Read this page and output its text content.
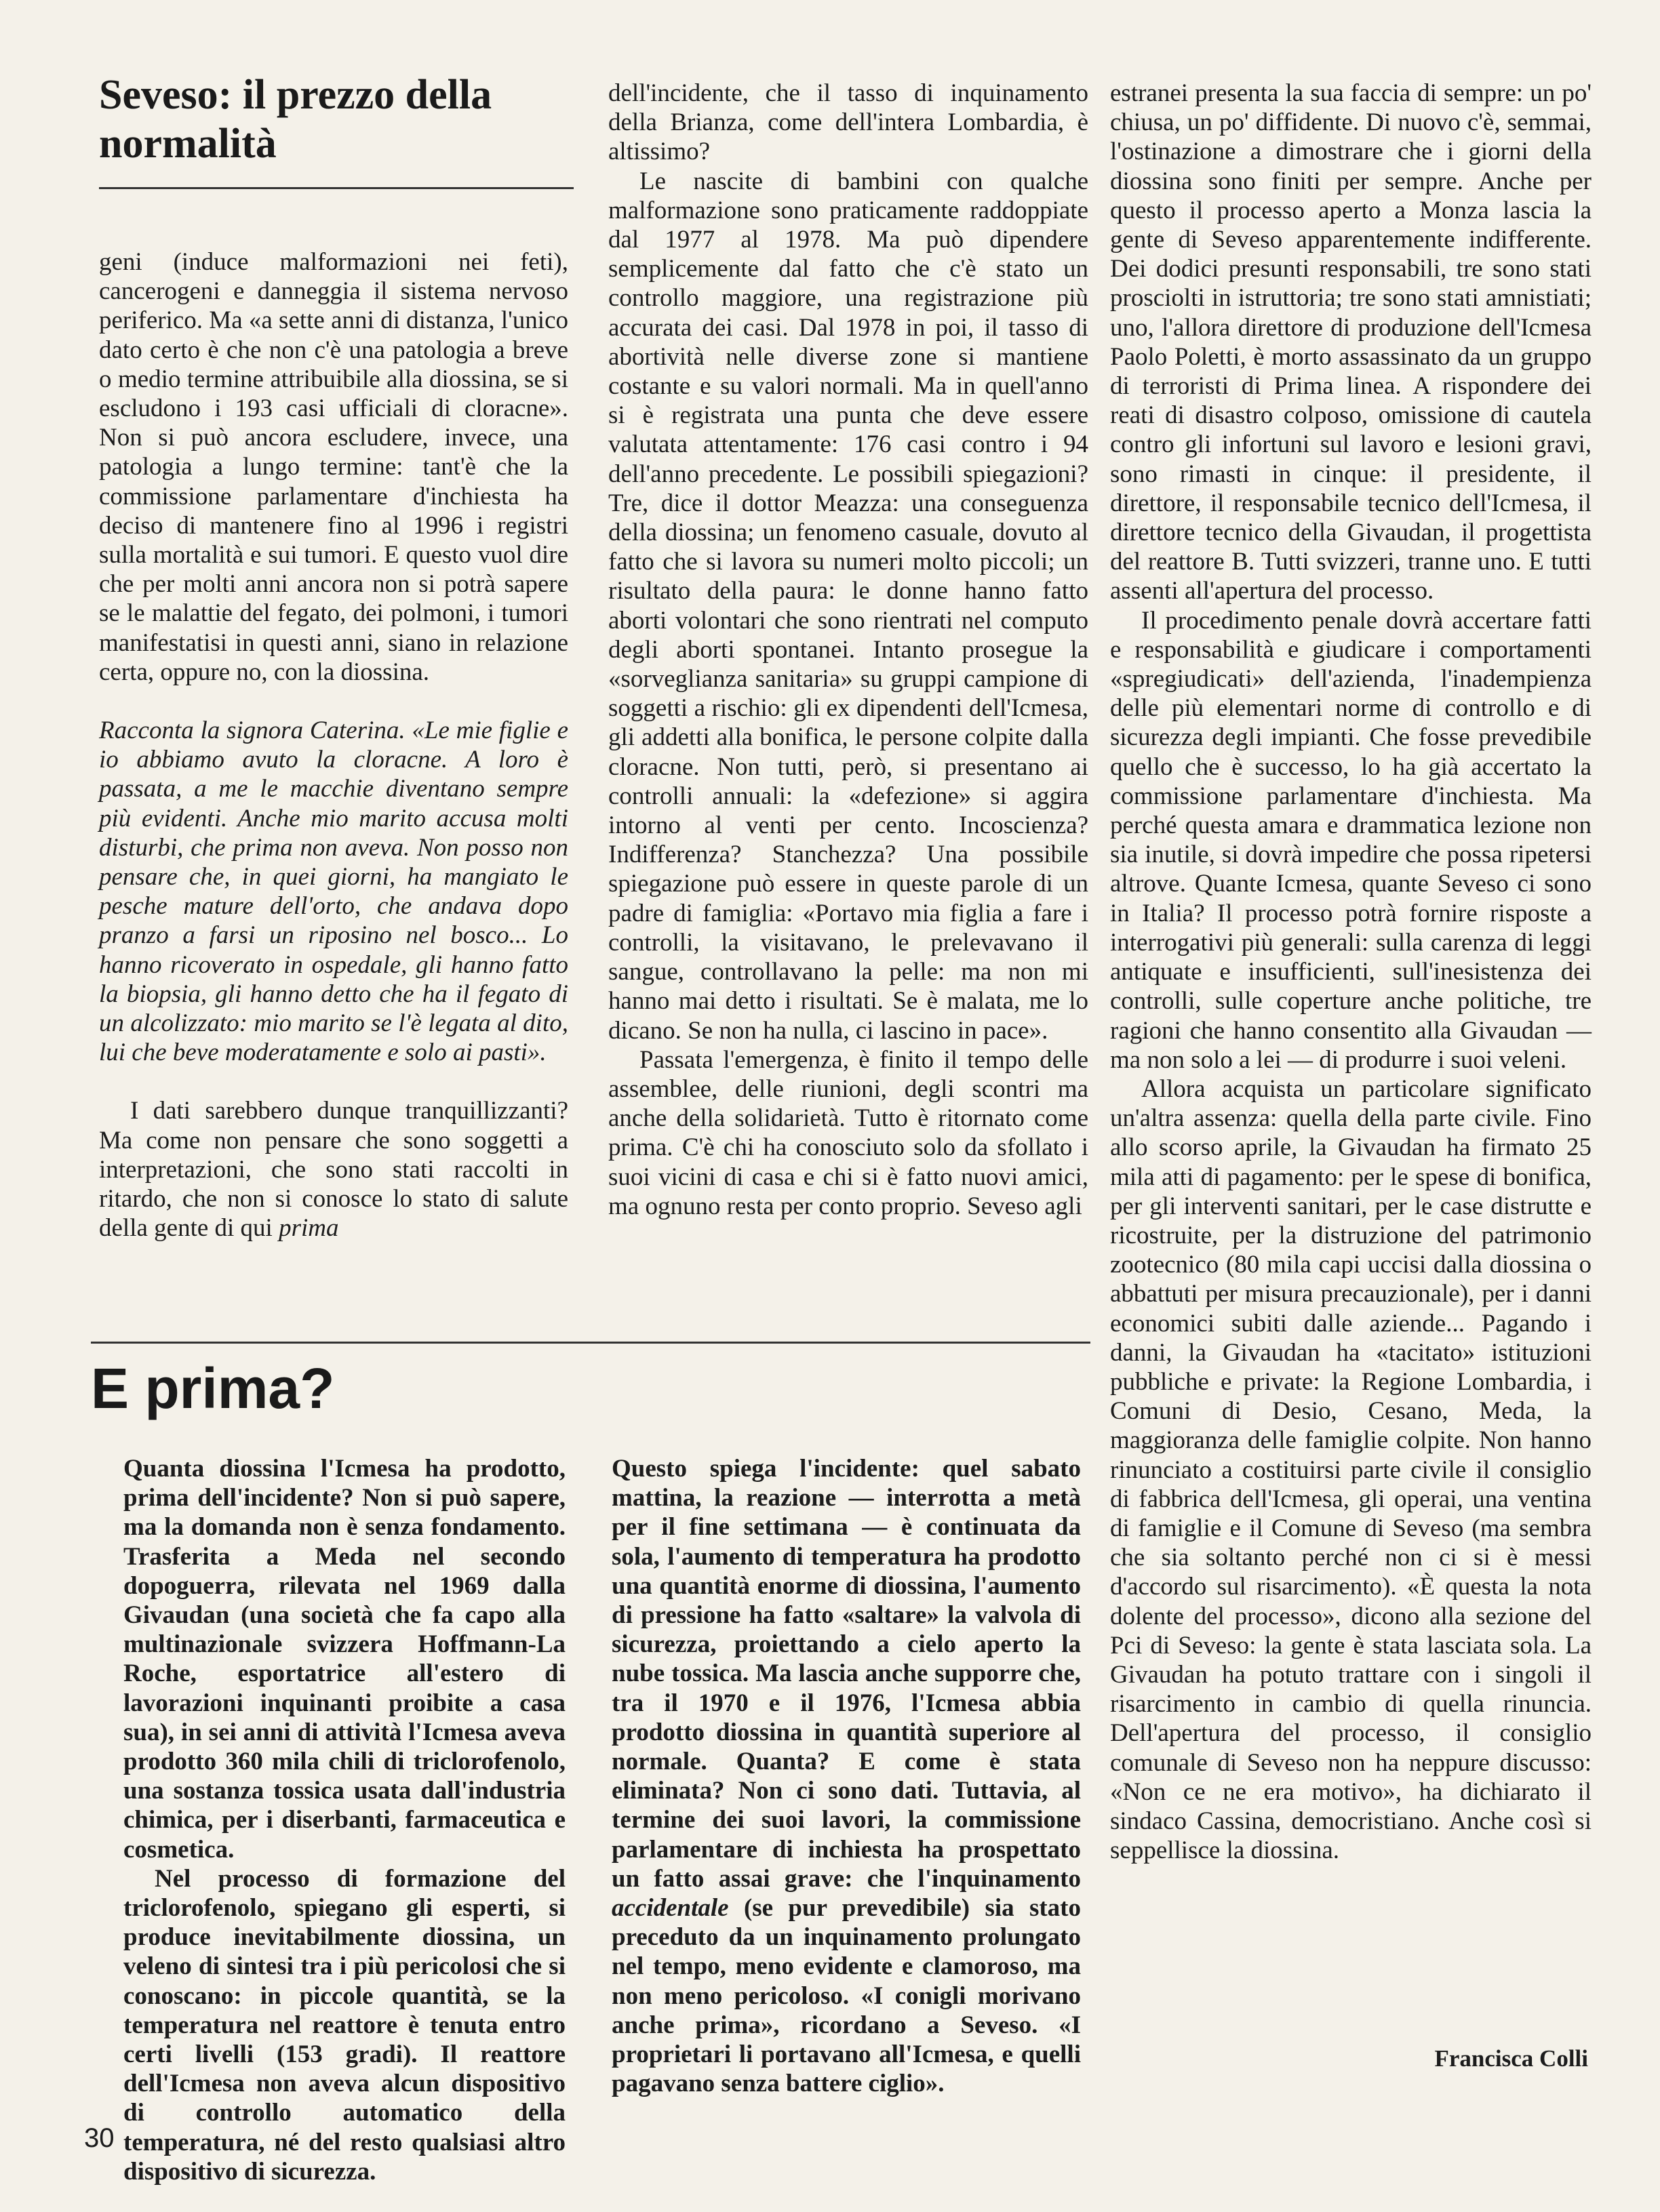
Seveso: il prezzo della normalità

geni (induce malformazioni nei feti), cancerogeni e danneggia il sistema nervoso periferico. Ma «a sette anni di distanza, l'unico dato certo è che non c'è una patologia a breve o medio termine attribuibile alla diossina, se si escludono i 193 casi ufficiali di cloracne». Non si può ancora escludere, invece, una patologia a lungo termine: tant'è che la commissione parlamentare d'inchiesta ha deciso di mantenere fino al 1996 i registri sulla mortalità e sui tumori. E questo vuol dire che per molti anni ancora non si potrà sapere se le malattie del fegato, dei polmoni, i tumori manifestatisi in questi anni, siano in relazione certa, oppure no, con la diossina.

Racconta la signora Caterina. «Le mie figlie e io abbiamo avuto la cloracne. A loro è passata, a me le macchie diventano sempre più evidenti. Anche mio marito accusa molti disturbi, che prima non aveva. Non posso non pensare che, in quei giorni, ha mangiato le pesche mature dell'orto, che andava dopo pranzo a farsi un riposino nel bosco... Lo hanno ricoverato in ospedale, gli hanno fatto la biopsia, gli hanno detto che ha il fegato di un alcolizzato: mio marito se l'è legata al dito, lui che beve moderatamente e solo ai pasti».

I dati sarebbero dunque tranquillizzanti? Ma come non pensare che sono soggetti a interpretazioni, che sono stati raccolti in ritardo, che non si conosce lo stato di salute della gente di qui prima

dell'incidente, che il tasso di inquinamento della Brianza, come dell'intera Lombardia, è altissimo?

Le nascite di bambini con qualche malformazione sono praticamente raddoppiate dal 1977 al 1978. Ma può dipendere semplicemente dal fatto che c'è stato un controllo maggiore, una registrazione più accurata dei casi. Dal 1978 in poi, il tasso di abortività nelle diverse zone si mantiene costante e su valori normali. Ma in quell'anno si è registrata una punta che deve essere valutata attentamente: 176 casi contro i 94 dell'anno precedente. Le possibili spiegazioni? Tre, dice il dottor Meazza: una conseguenza della diossina; un fenomeno casuale, dovuto al fatto che si lavora su numeri molto piccoli; un risultato della paura: le donne hanno fatto aborti volontari che sono rientrati nel computo degli aborti spontanei. Intanto prosegue la «sorveglianza sanitaria» su gruppi campione di soggetti a rischio: gli ex dipendenti dell'Icmesa, gli addetti alla bonifica, le persone colpite dalla cloracne. Non tutti, però, si presentano ai controlli annuali: la «defezione» si aggira intorno al venti per cento. Incoscienza? Indifferenza? Stanchezza? Una possibile spiegazione può essere in queste parole di un padre di famiglia: «Portavo mia figlia a fare i controlli, la visitavano, le prelevavano il sangue, controllavano la pelle: ma non mi hanno mai detto i risultati. Se è malata, me lo dicano. Se non ha nulla, ci lascino in pace».

Passata l'emergenza, è finito il tempo delle assemblee, delle riunioni, degli scontri ma anche della solidarietà. Tutto è ritornato come prima. C'è chi ha conosciuto solo da sfollato i suoi vicini di casa e chi si è fatto nuovi amici, ma ognuno resta per conto proprio. Seveso agli

estranei presenta la sua faccia di sempre: un po' chiusa, un po' diffidente. Di nuovo c'è, semmai, l'ostinazione a dimostrare che i giorni della diossina sono finiti per sempre. Anche per questo il processo aperto a Monza lascia la gente di Seveso apparentemente indifferente. Dei dodici presunti responsabili, tre sono stati prosciolti in istruttoria; tre sono stati amnistiati; uno, l'allora direttore di produzione dell'Icmesa Paolo Poletti, è morto assassinato da un gruppo di terroristi di Prima linea. A rispondere dei reati di disastro colposo, omissione di cautela contro gli infortuni sul lavoro e lesioni gravi, sono rimasti in cinque: il presidente, il direttore, il responsabile tecnico dell'Icmesa, il direttore tecnico della Givaudan, il progettista del reattore B. Tutti svizzeri, tranne uno. E tutti assenti all'apertura del processo.

Il procedimento penale dovrà accertare fatti e responsabilità e giudicare i comportamenti «spregiudicati» dell'azienda, l'inadempienza delle più elementari norme di controllo e di sicurezza degli impianti. Che fosse prevedibile quello che è successo, lo ha già accertato la commissione parlamentare d'inchiesta. Ma perché questa amara e drammatica lezione non sia inutile, si dovrà impedire che possa ripetersi altrove. Quante Icmesa, quante Seveso ci sono in Italia? Il processo potrà fornire risposte a interrogativi più generali: sulla carenza di leggi antiquate e insufficienti, sull'inesistenza dei controlli, sulle coperture anche politiche, tre ragioni che hanno consentito alla Givaudan — ma non solo a lei — di produrre i suoi veleni.

Allora acquista un particolare significato un'altra assenza: quella della parte civile. Fino allo scorso aprile, la Givaudan ha firmato 25 mila atti di pagamento: per le spese di bonifica, per gli interventi sanitari, per le case distrutte e ricostruite, per la distruzione del patrimonio zootecnico (80 mila capi uccisi dalla diossina o abbattuti per misura precauzionale), per i danni economici subiti dalle aziende... Pagando i danni, la Givaudan ha «tacitato» istituzioni pubbliche e private: la Regione Lombardia, i Comuni di Desio, Cesano, Meda, la maggioranza delle famiglie colpite. Non hanno rinunciato a costituirsi parte civile il consiglio di fabbrica dell'Icmesa, gli operai, una ventina di famiglie e il Comune di Seveso (ma sembra che sia soltanto perché non ci si è messi d'accordo sul risarcimento). «È questa la nota dolente del processo», dicono alla sezione del Pci di Seveso: la gente è stata lasciata sola. La Givaudan ha potuto trattare con i singoli il risarcimento in cambio di quella rinuncia. Dell'apertura del processo, il consiglio comunale di Seveso non ha neppure discusso: «Non ce ne era motivo», ha dichiarato il sindaco Cassina, democristiano. Anche così si seppellisce la diossina.

E prima?

Quanta diossina l'Icmesa ha prodotto, prima dell'incidente? Non si può sapere, ma la domanda non è senza fondamento. Trasferita a Meda nel secondo dopoguerra, rilevata nel 1969 dalla Givaudan (una società che fa capo alla multinazionale svizzera Hoffmann-La Roche, esportatrice all'estero di lavorazioni inquinanti proibite a casa sua), in sei anni di attività l'Icmesa aveva prodotto 360 mila chili di triclorofenolo, una sostanza tossica usata dall'industria chimica, per i diserbanti, farmaceutica e cosmetica.

Nel processo di formazione del triclorofenolo, spiegano gli esperti, si produce inevitabilmente diossina, un veleno di sintesi tra i più pericolosi che si conoscano: in piccole quantità, se la temperatura nel reattore è tenuta entro certi livelli (153 gradi). Il reattore dell'Icmesa non aveva alcun dispositivo di controllo automatico della temperatura, né del resto qualsiasi altro dispositivo di sicurezza.

Questo spiega l'incidente: quel sabato mattina, la reazione — interrotta a metà per il fine settimana — è continuata da sola, l'aumento di temperatura ha prodotto una quantità enorme di diossina, l'aumento di pressione ha fatto «saltare» la valvola di sicurezza, proiettando a cielo aperto la nube tossica. Ma lascia anche supporre che, tra il 1970 e il 1976, l'Icmesa abbia prodotto diossina in quantità superiore al normale. Quanta? E come è stata eliminata? Non ci sono dati. Tuttavia, al termine dei suoi lavori, la commissione parlamentare di inchiesta ha prospettato un fatto assai grave: che l'inquinamento accidentale (se pur prevedibile) sia stato preceduto da un inquinamento prolungato nel tempo, meno evidente e clamoroso, ma non meno pericoloso. «I conigli morivano anche prima», ricordano a Seveso. «I proprietari li portavano all'Icmesa, e quelli pagavano senza battere ciglio».

Francisca Colli

30
